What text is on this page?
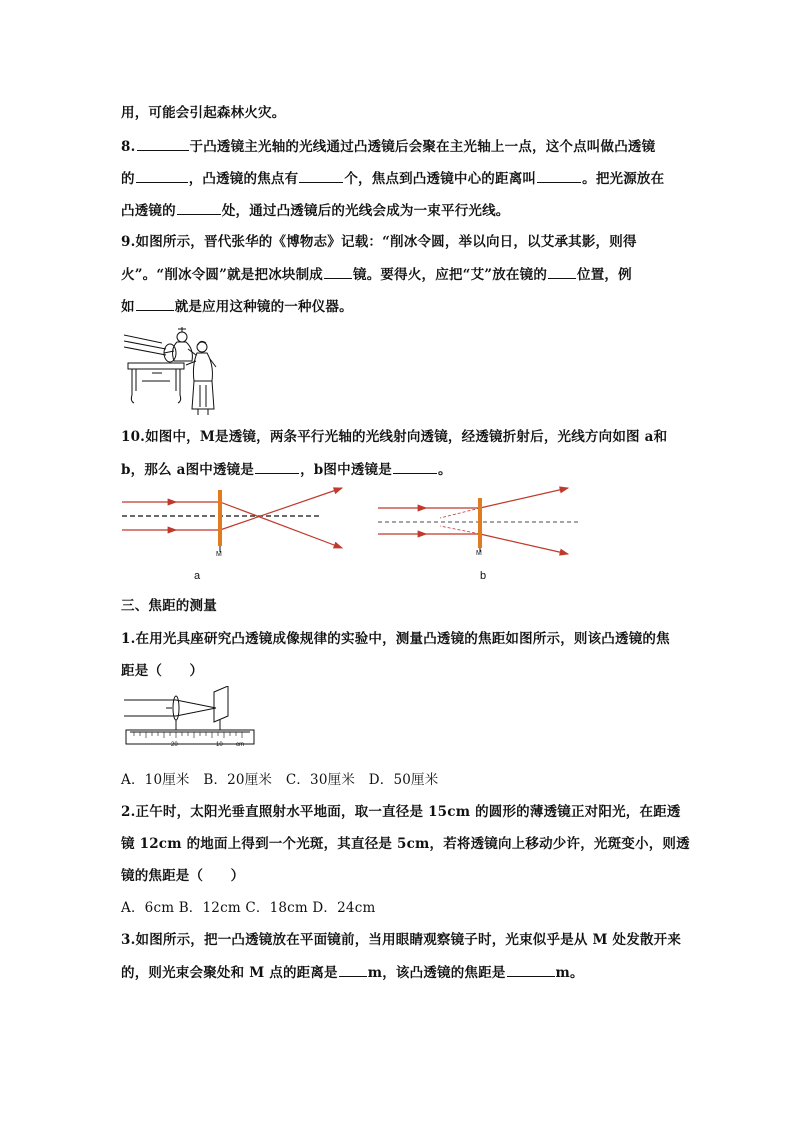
用，可能会引起森林火灾。
8.	于凸透镜主光轴的光线通过凸透镜后会聚在主光轴上一点，这个点叫做凸透镜
的	，凸透镜的焦点有	个，焦点到凸透镜中心的距离叫	。把光源放在
凸透镜的	处，通过凸透镜后的光线会成为一束平行光线。
9.如图所示，晋代张华的《博物志》记载：“削冰令圆，举以向日，以艾承其影，则得
火”。“削冰令圆”就是把冰块制成 镜。要得火，应把“艾”放在镜的 位置，例
如	就是应用这种镜的一种仪器。
10.如图中，M是透镜，两条平行光轴的光线射向透镜，经透镜折射后，光线方向如图 a和
b，那么 a图中透镜是	，b图中透镜是	。
M
a
M
b
三、焦距的测量
1.在用光具座研究凸透镜成像规律的实验中，测量凸透镜的焦距如图所示，则该凸透镜的焦
距是（　　）
20	10 cm
A．10厘米　B．20厘米　C．30厘米　D．50厘米
2.正午时，太阳光垂直照射水平地面，取一直径是 15cm 的圆形的薄透镜正对阳光，在距透
镜 12cm 的地面上得到一个光斑，其直径是 5cm，若将透镜向上移动少许，光斑变小，则透
镜的焦距是（　　）
A．6cm B．12cm C．18cm D．24cm
3.如图所示，把一凸透镜放在平面镜前，当用眼睛观察镜子时，光束似乎是从 M 处发散开来
的，则光束会聚处和 M 点的距离是 m，该凸透镜的焦距是	m。
